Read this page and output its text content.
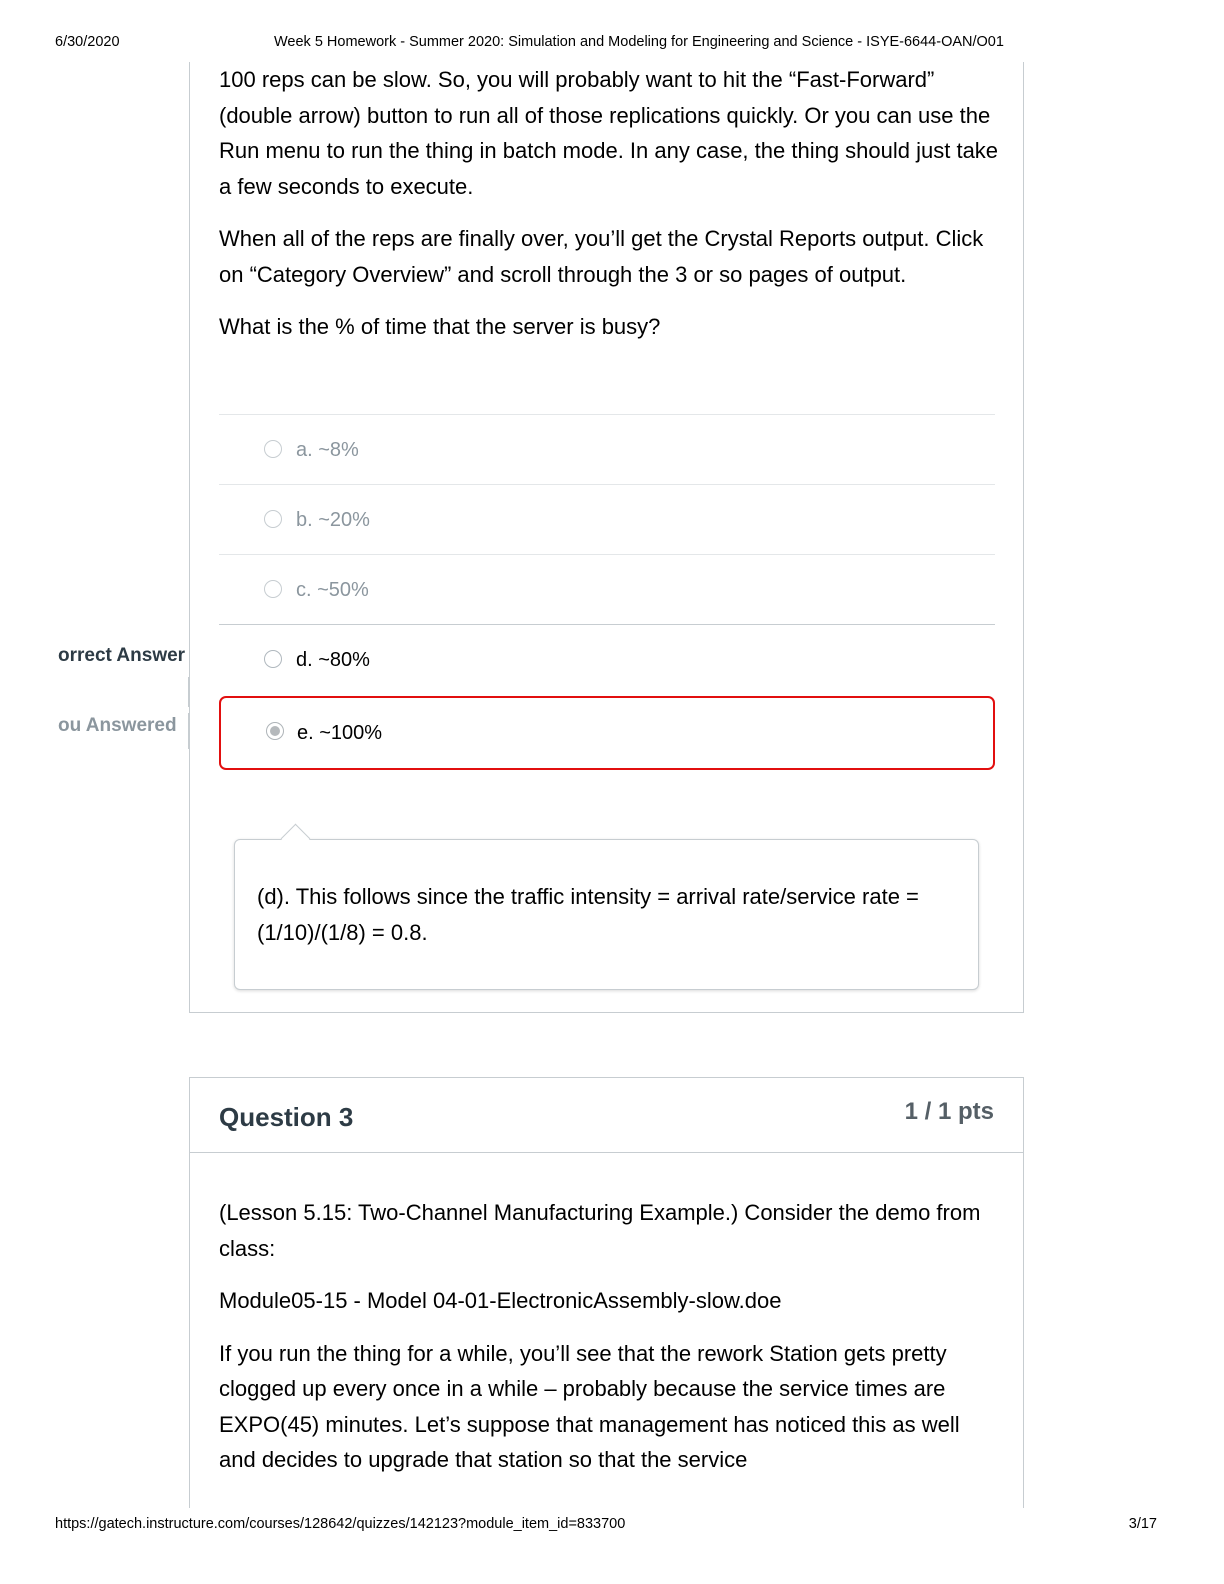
6/30/2020	Week 5 Homework - Summer 2020: Simulation and Modeling for Engineering and Science - ISYE-6644-OAN/O01

100 reps can be slow. So, you will probably want to hit the “Fast-Forward” (double arrow) button to run all of those replications quickly. Or you can use the Run menu to run the thing in batch mode. In any case, the thing should just take a few seconds to execute.

When all of the reps are finally over, you’ll get the Crystal Reports output. Click on “Category Overview” and scroll through the 3 or so pages of output.

What is the % of time that the server is busy?

a. ~8%
b. ~20%
c. ~50%
d. ~80%
e. ~100%
orrect Answer
ou Answered
(d). This follows since the traffic intensity = arrival rate/service rate = (1/10)/(1/8) = 0.8.
Question 3	1 / 1 pts

(Lesson 5.15: Two-Channel Manufacturing Example.) Consider the demo from class:

Module05-15 - Model 04-01-ElectronicAssembly-slow.doe

If you run the thing for a while, you’ll see that the rework Station gets pretty clogged up every once in a while – probably because the service times are EXPO(45) minutes. Let’s suppose that management has noticed this as well and decides to upgrade that station so that the service

https://gatech.instructure.com/courses/128642/quizzes/142123?module_item_id=833700	3/17
